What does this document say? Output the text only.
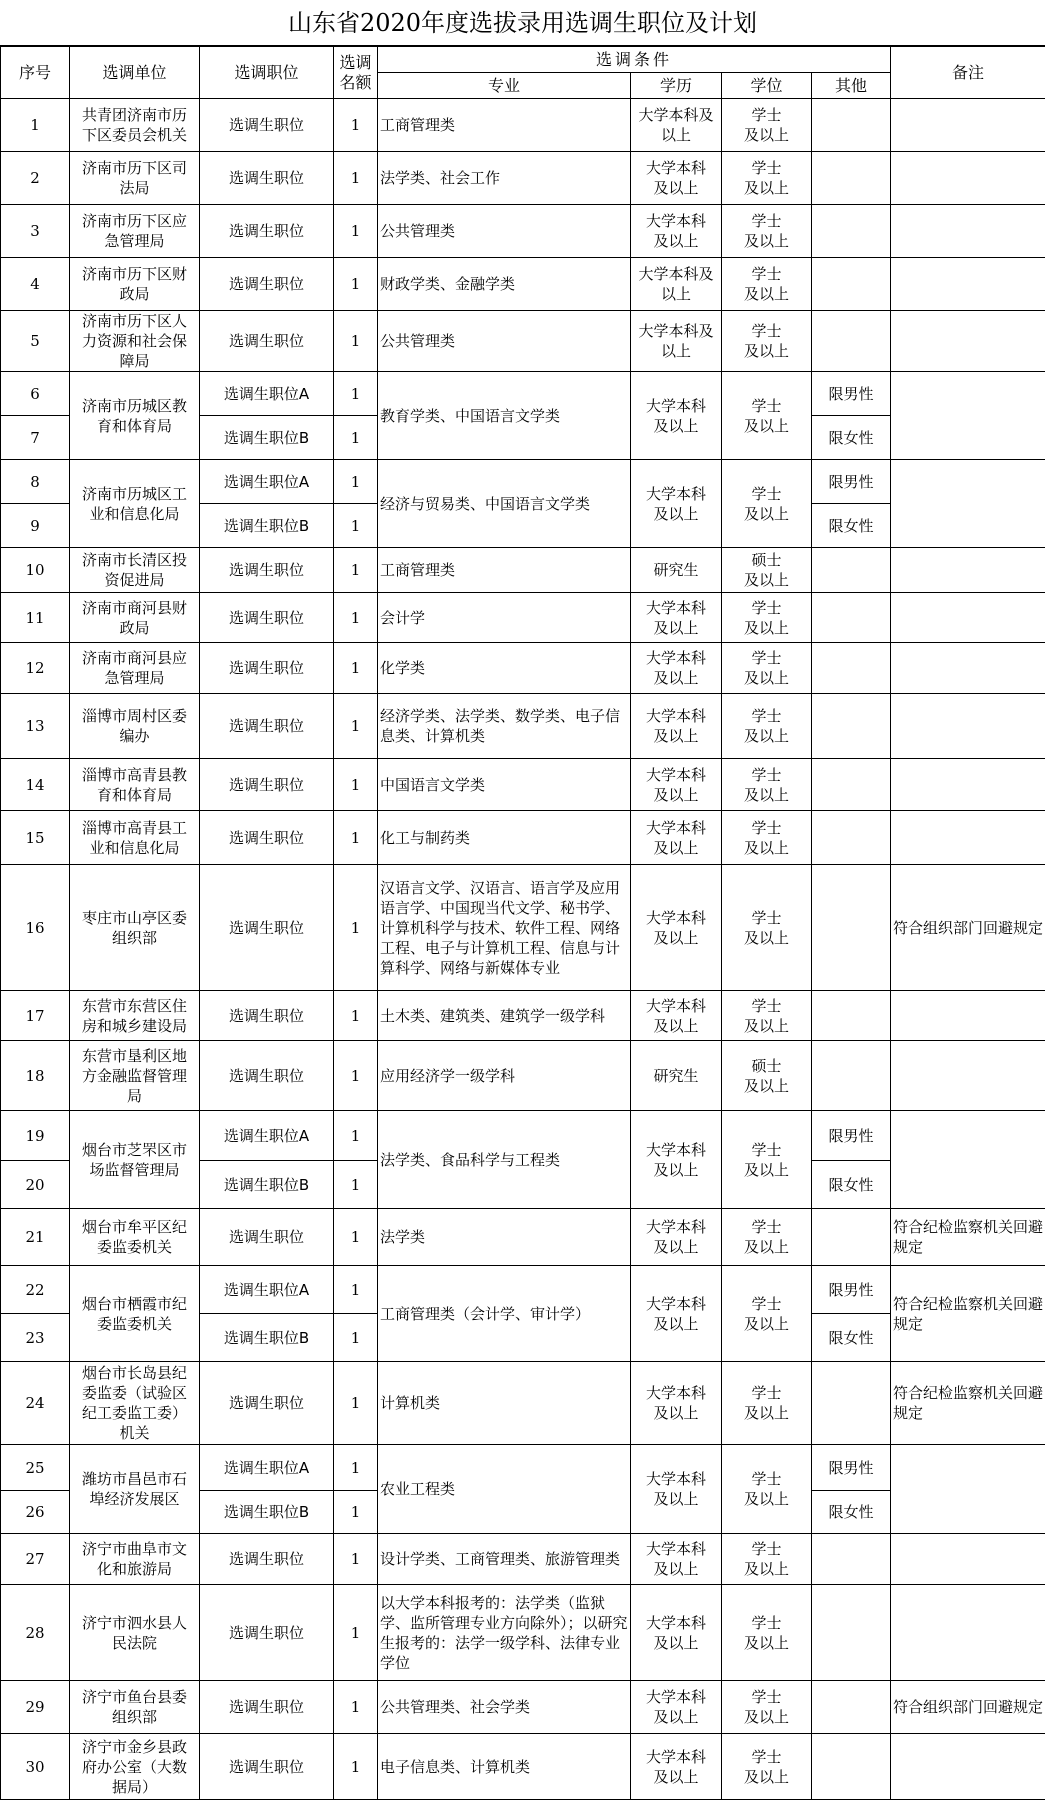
山东省2020年度选拔录用选调生职位及计划
序号	选调单位	选调职位	选调
名额	选调条件				备注
				专业	学历	学位	其他	
1	共青团济南市历
下区委员会机关	选调生职位	1	工商管理类	大学本科及
以上	学士
及以上		
2	济南市历下区司
法局	选调生职位	1	法学类、社会工作	大学本科
及以上	学士
及以上		
3	济南市历下区应
急管理局	选调生职位	1	公共管理类	大学本科
及以上	学士
及以上		
4	济南市历下区财
政局	选调生职位	1	财政学类、金融学类	大学本科及
以上	学士
及以上		
5	济南市历下区人
力资源和社会保
障局	选调生职位	1	公共管理类	大学本科及
以上	学士
及以上		
6	济南市历城区教
育和体育局	选调生职位A	1	教育学类、中国语言文学类	大学本科
及以上	学士
及以上	限男性	
7		选调生职位B	1				限女性	
8	济南市历城区工
业和信息化局	选调生职位A	1	经济与贸易类、中国语言文学类	大学本科
及以上	学士
及以上	限男性	
9		选调生职位B	1				限女性	
10	济南市长清区投
资促进局	选调生职位	1	工商管理类	研究生	硕士
及以上		
11	济南市商河县财
政局	选调生职位	1	会计学	大学本科
及以上	学士
及以上		
12	济南市商河县应
急管理局	选调生职位	1	化学类	大学本科
及以上	学士
及以上		
13	淄博市周村区委
编办	选调生职位	1	经济学类、法学类、数学类、电子信息类、计算机类	大学本科
及以上	学士
及以上		
14	淄博市高青县教
育和体育局	选调生职位	1	中国语言文学类	大学本科
及以上	学士
及以上		
15	淄博市高青县工
业和信息化局	选调生职位	1	化工与制药类	大学本科
及以上	学士
及以上		
16	枣庄市山亭区委
组织部	选调生职位	1	汉语言文学、汉语言、语言学及应用语言学、中国现当代文学、秘书学、计算机科学与技术、软件工程、网络工程、电子与计算机工程、信息与计算科学、网络与新媒体专业	大学本科
及以上	学士
及以上		符合组织部门回避规定
17	东营市东营区住
房和城乡建设局	选调生职位	1	土木类、建筑类、建筑学一级学科	大学本科
及以上	学士
及以上		
18	东营市垦利区地
方金融监督管理
局	选调生职位	1	应用经济学一级学科	研究生	硕士
及以上		
19	烟台市芝罘区市
场监督管理局	选调生职位A	1	法学类、食品科学与工程类	大学本科
及以上	学士
及以上	限男性	
20		选调生职位B	1				限女性	
21	烟台市牟平区纪
委监委机关	选调生职位	1	法学类	大学本科
及以上	学士
及以上		符合纪检监察机关回避规定
22	烟台市栖霞市纪
委监委机关	选调生职位A	1	工商管理类（会计学、审计学）	大学本科
及以上	学士
及以上	限男性	符合纪检监察机关回避规定
23		选调生职位B	1				限女性	
24	烟台市长岛县纪
委监委（试验区
纪工委监工委）
机关	选调生职位	1	计算机类	大学本科
及以上	学士
及以上		符合纪检监察机关回避规定
25	潍坊市昌邑市石
埠经济发展区	选调生职位A	1	农业工程类	大学本科
及以上	学士
及以上	限男性	
26		选调生职位B	1				限女性	
27	济宁市曲阜市文
化和旅游局	选调生职位	1	设计学类、工商管理类、旅游管理类	大学本科
及以上	学士
及以上		
28	济宁市泗水县人
民法院	选调生职位	1	以大学本科报考的：法学类（监狱学、监所管理专业方向除外）；以研究生报考的：法学一级学科、法律专业学位	大学本科
及以上	学士
及以上		
29	济宁市鱼台县委
组织部	选调生职位	1	公共管理类、社会学类	大学本科
及以上	学士
及以上		符合组织部门回避规定
30	济宁市金乡县政
府办公室（大数
据局）	选调生职位	1	电子信息类、计算机类	大学本科
及以上	学士
及以上		
